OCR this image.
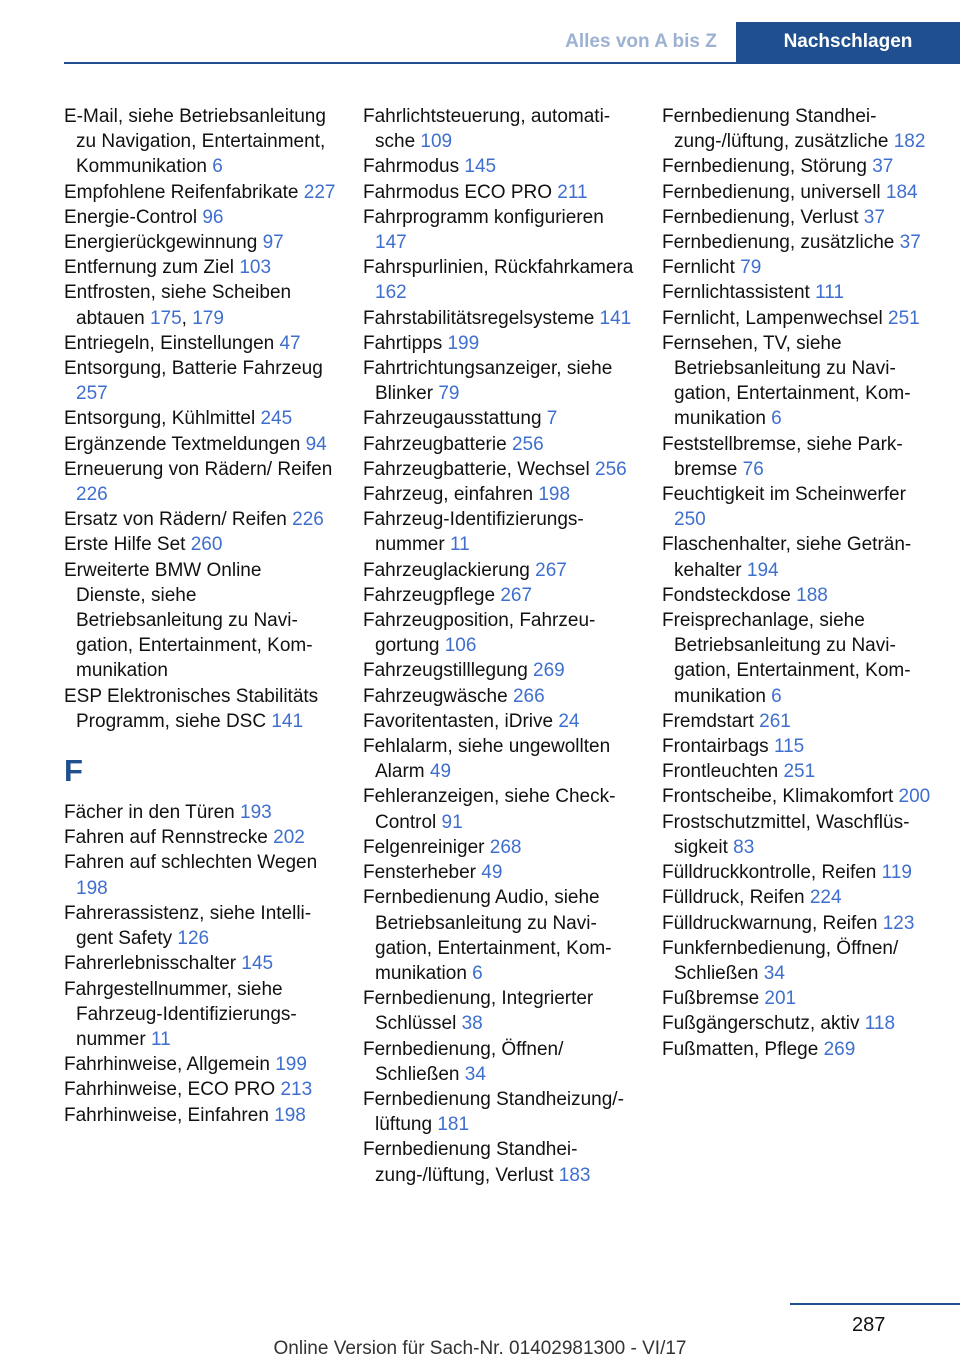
Alles von A bis Z	Nachschlagen

E-Mail, siehe Betriebsanleitung zu Navigation, Entertainment, Kommunikation 6

Empfohlene Reifenfabrikate 227

Energie-Control 96

Energierückgewinnung 97

Entfernung zum Ziel 103

Entfrosten, siehe Scheiben abtauen 175, 179

Entriegeln, Einstellungen 47

Entsorgung, Batterie Fahrzeug 257

Entsorgung, Kühlmittel 245

Ergänzende Textmeldungen 94

Erneuerung von Rädern/ Reifen 226

Ersatz von Rädern/ Reifen 226

Erste Hilfe Set 260

Erweiterte BMW Online Dienste, siehe Betriebsanleitung zu Navigation, Entertainment, Kommunikation

ESP Elektronisches Stabilitäts Programm, siehe DSC 141

F

Fächer in den Türen 193

Fahren auf Rennstrecke 202

Fahren auf schlechten Wegen 198

Fahrerassistenz, siehe Intelligent Safety 126

Fahrerlebnisschalter 145

Fahrgestellnummer, siehe Fahrzeug-Identifizierungsnummer 11

Fahrhinweise, Allgemein 199

Fahrhinweise, ECO PRO 213

Fahrhinweise, Einfahren 198

Fahrlichtsteuerung, automatische 109

Fahrmodus 145

Fahrmodus ECO PRO 211

Fahrprogramm konfigurieren 147

Fahrspurlinien, Rückfahrkamera 162

Fahrstabilitätsregelsysteme 141

Fahrtipps 199

Fahrtrichtungsanzeiger, siehe Blinker 79

Fahrzeugausstattung 7

Fahrzeugbatterie 256

Fahrzeugbatterie, Wechsel 256

Fahrzeug, einfahren 198

Fahrzeug-Identifizierungsnummer 11

Fahrzeuglackierung 267

Fahrzeugpflege 267

Fahrzeugposition, Fahrzeugortung 106

Fahrzeugstilllegung 269

Fahrzeugwäsche 266

Favoritentasten, iDrive 24

Fehlalarm, siehe ungewollten Alarm 49

Fehleranzeigen, siehe Check-Control 91

Felgenreiniger 268

Fensterheber 49

Fernbedienung Audio, siehe Betriebsanleitung zu Navigation, Entertainment, Kommunikation 6

Fernbedienung, Integrierter Schlüssel 38

Fernbedienung, Öffnen/ Schließen 34

Fernbedienung Standheizung/-lüftung 181

Fernbedienung Standheizung-/lüftung, Verlust 183

Fernbedienung Standheizung-/lüftung, zusätzliche 182

Fernbedienung, Störung 37

Fernbedienung, universell 184

Fernbedienung, Verlust 37

Fernbedienung, zusätzliche 37

Fernlicht 79

Fernlichtassistent 111

Fernlicht, Lampenwechsel 251

Fernsehen, TV, siehe Betriebsanleitung zu Navigation, Entertainment, Kommunikation 6

Feststellbremse, siehe Parkbremse 76

Feuchtigkeit im Scheinwerfer 250

Flaschenhalter, siehe Getränkehalter 194

Fondsteckdose 188

Freisprechanlage, siehe Betriebsanleitung zu Navigation, Entertainment, Kommunikation 6

Fremdstart 261

Frontairbags 115

Frontleuchten 251

Frontscheibe, Klimakomfort 200

Frostschutzmittel, Waschflüssigkeit 83

Fülldruckkontrolle, Reifen 119

Fülldruck, Reifen 224

Fülldruckwarnung, Reifen 123

Funkfernbedienung, Öffnen/ Schließen 34

Fußbremse 201

Fußgängerschutz, aktiv 118

Fußmatten, Pflege 269

287
Online Version für Sach-Nr. 01402981300 - VI/17
